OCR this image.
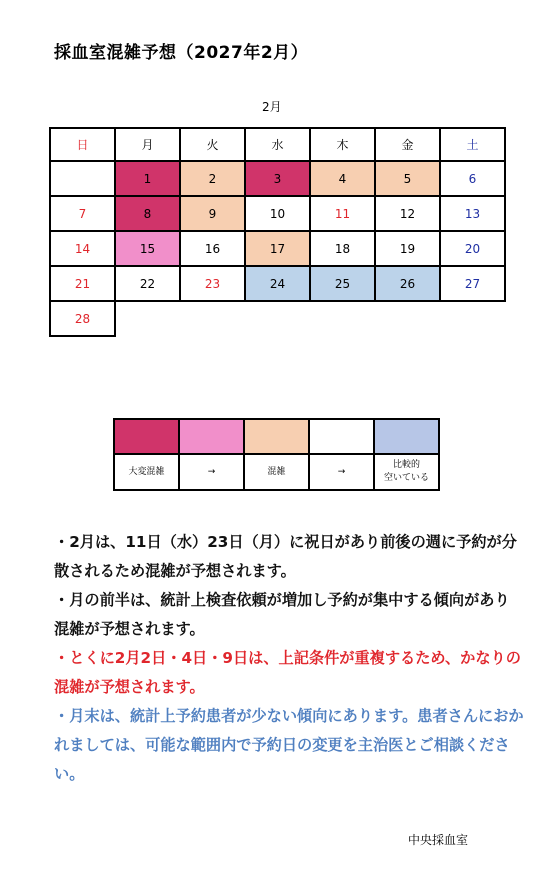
採血室混雑予想（2027年2月）
2月
日	月	火	水	木	金	土
	1	2	3	4	5	6
7	8	9	10	11	12	13
14	15	16	17	18	19	20
21	22	23	24	25	26	27
28						

大変混雑	→	混雑	→	比較的
空いている

・2月は、11日（水）23日（月）に祝日があり前後の週に予約が分散されるため混雑が予想されます。

・月の前半は、統計上検査依頼が増加し予約が集中する傾向があり混雑が予想されます。

・とくに2月2日・4日・9日は、上記条件が重複するため、かなりの混雑が予想されます。

・月末は、統計上予約患者が少ない傾向にあります。患者さんにおかれましては、可能な範囲内で予約日の変更を主治医とご相談ください。

中央採血室
